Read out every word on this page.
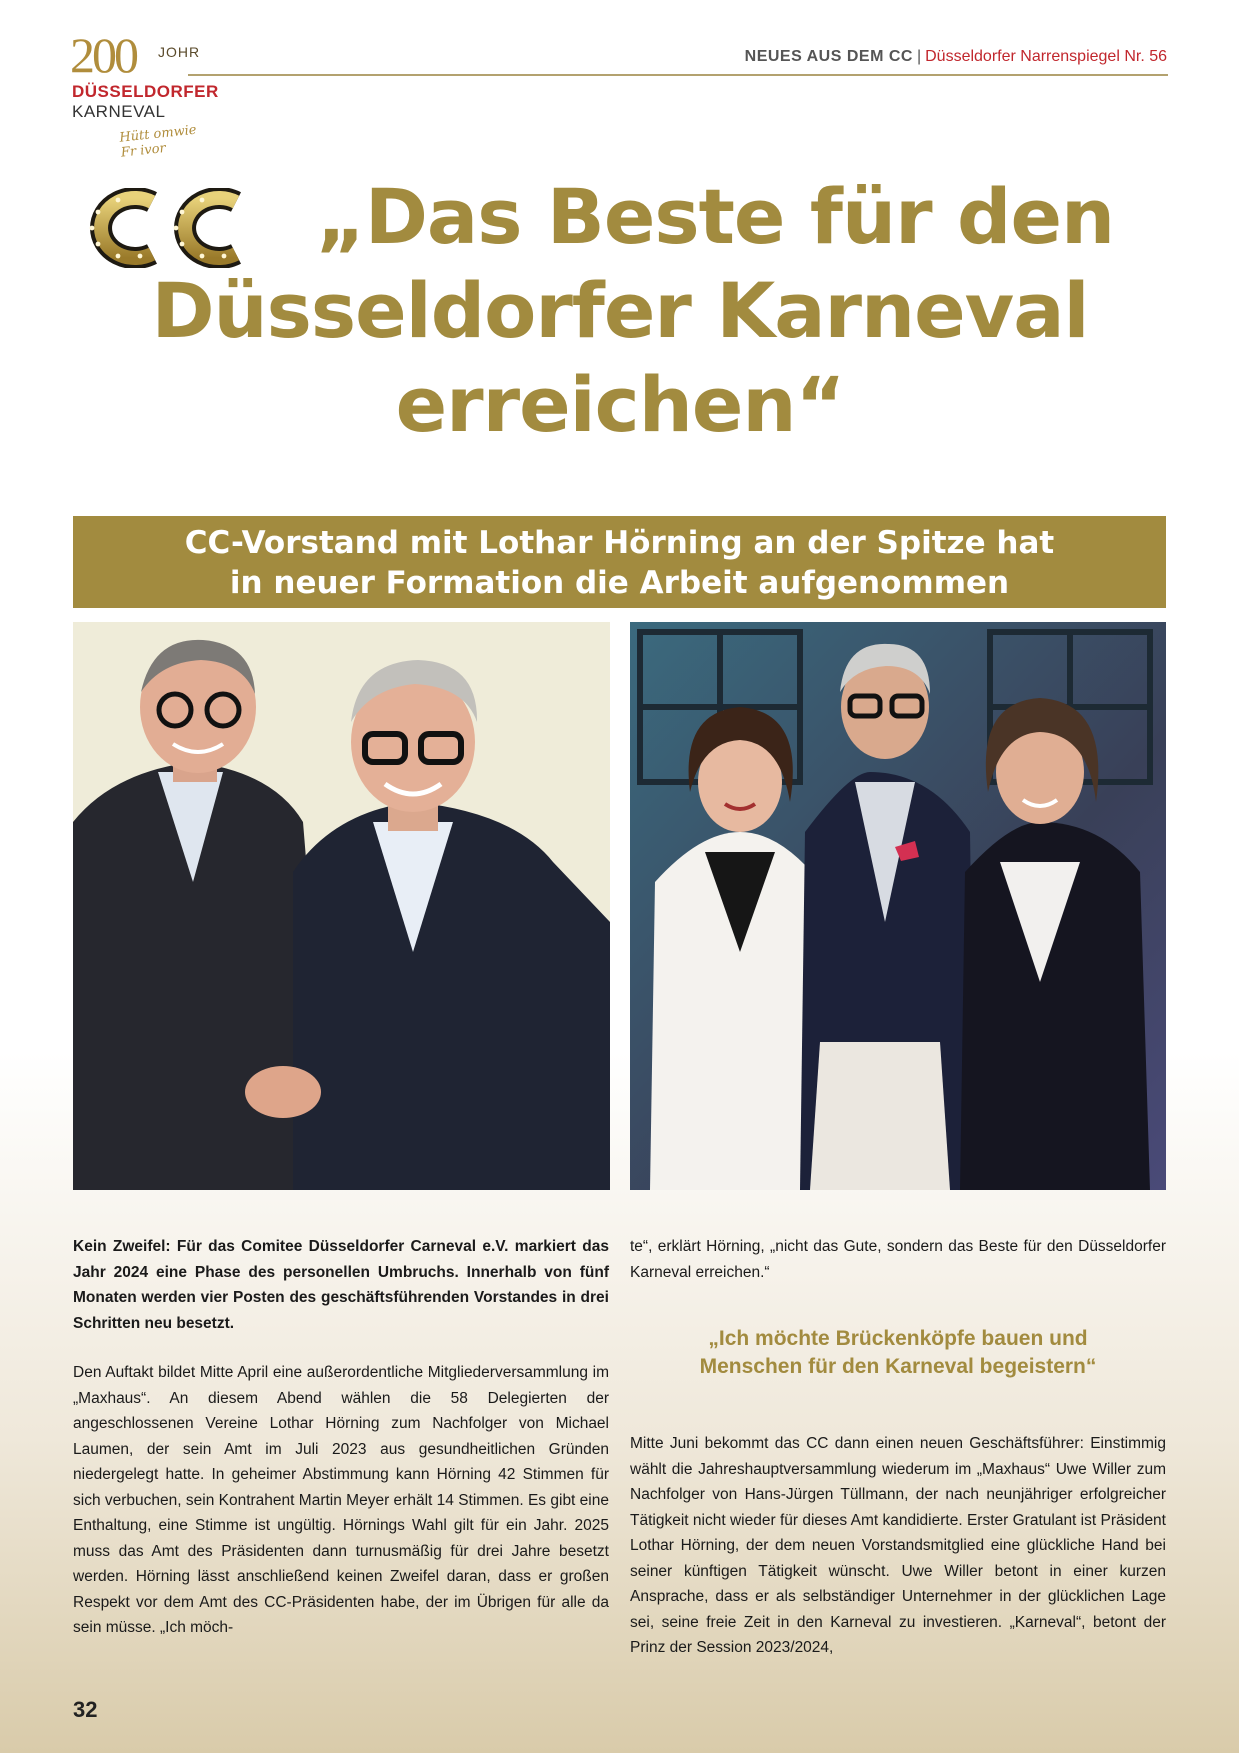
200 JOHR
DÜSSELDORFER
KARNEVAL
Hütt omwie Fr ivor
NEUES AUS DEM CC | Düsseldorfer Narrenspiegel Nr. 56
„Das Beste für den
Düsseldorfer Karneval
erreichen“
CC-Vorstand mit Lothar Hörning an der Spitze hat
in neuer Formation die Arbeit aufgenommen

Kein Zweifel: Für das Comitee Düsseldorfer Carneval e.V. markiert das Jahr 2024 eine Phase des personellen Umbruchs. Innerhalb von fünf Monaten werden vier Posten des geschäftsführenden Vorstandes in drei Schritten neu besetzt.

Den Auftakt bildet Mitte April eine außerordentliche Mitgliederversammlung im „Maxhaus“. An diesem Abend wählen die 58 Delegierten der angeschlossenen Vereine Lothar Hörning zum Nachfolger von Michael Laumen, der sein Amt im Juli 2023 aus gesundheitlichen Gründen niedergelegt hatte. In geheimer Abstimmung kann Hörning 42 Stimmen für sich verbuchen, sein Kontrahent Martin Meyer erhält 14 Stimmen. Es gibt eine Enthaltung, eine Stimme ist ungültig. Hörnings Wahl gilt für ein Jahr. 2025 muss das Amt des Präsidenten dann turnusmäßig für drei Jahre besetzt werden. Hörning lässt anschließend keinen Zweifel daran, dass er großen Respekt vor dem Amt des CC-Präsidenten habe, der im Übrigen für alle da sein müsse. „Ich möch-

te“, erklärt Hörning, „nicht das Gute, sondern das Beste für den Düsseldorfer Karneval erreichen.“

„Ich möchte Brückenköpfe bauen und
Menschen für den Karneval begeistern“

Mitte Juni bekommt das CC dann einen neuen Geschäftsführer: Einstimmig wählt die Jahreshauptversammlung wiederum im „Maxhaus“ Uwe Willer zum Nachfolger von Hans-Jürgen Tüllmann, der nach neunjähriger erfolgreicher Tätigkeit nicht wieder für dieses Amt kandidierte. Erster Gratulant ist Präsident Lothar Hörning, der dem neuen Vorstandsmitglied eine glückliche Hand bei seiner künftigen Tätigkeit wünscht. Uwe Willer betont in einer kurzen Ansprache, dass er als selbständiger Unternehmer in der glücklichen Lage sei, seine freie Zeit in den Karneval zu investieren. „Karneval“, betont der Prinz der Session 2023/2024,

32
